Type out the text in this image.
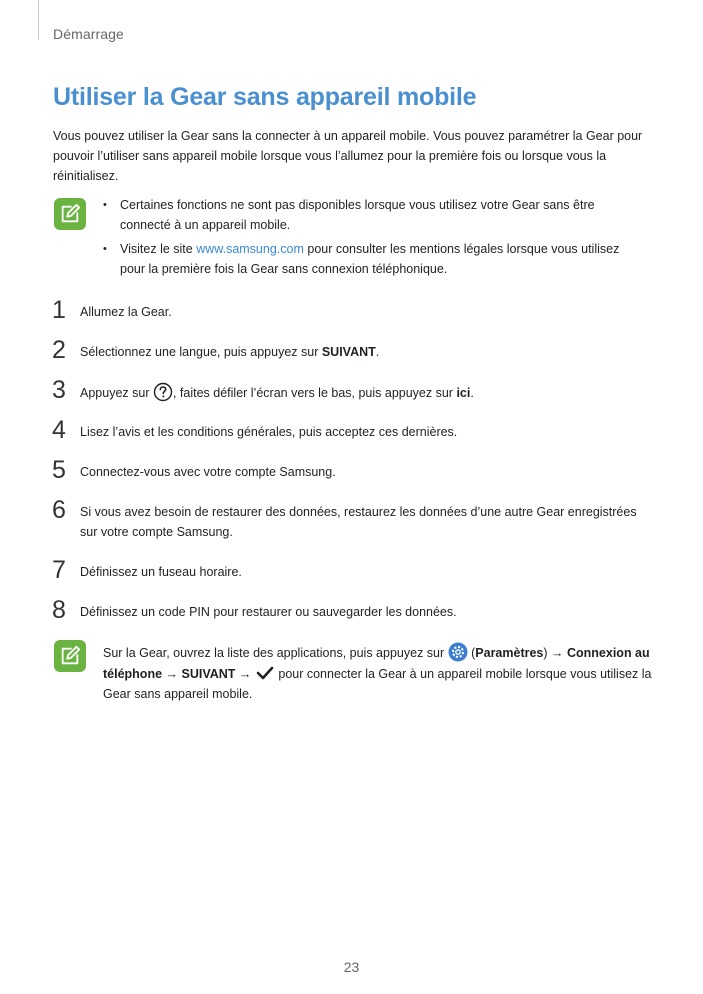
Démarrage
Utiliser la Gear sans appareil mobile

Vous pouvez utiliser la Gear sans la connecter à un appareil mobile. Vous pouvez paramétrer la Gear pour pouvoir l’utiliser sans appareil mobile lorsque vous l’allumez pour la première fois ou lorsque vous la réinitialisez.

• Certaines fonctions ne sont pas disponibles lorsque vous utilisez votre Gear sans être connecté à un appareil mobile.
• Visitez le site www.samsung.com pour consulter les mentions légales lorsque vous utilisez pour la première fois la Gear sans connexion téléphonique.
1 Allumez la Gear.
2 Sélectionnez une langue, puis appuyez sur SUIVANT.
3 Appuyez sur , faites défiler l’écran vers le bas, puis appuyez sur ici.
4 Lisez l’avis et les conditions générales, puis acceptez ces dernières.
5 Connectez-vous avec votre compte Samsung.
6 Si vous avez besoin de restaurer des données, restaurez les données d’une autre Gear enregistrées sur votre compte Samsung.
7 Définissez un fuseau horaire.
8 Définissez un code PIN pour restaurer ou sauvegarder les données.

Sur la Gear, ouvrez la liste des applications, puis appuyez sur  (Paramètres) → Connexion au téléphone → SUIVANT →  pour connecter la Gear à un appareil mobile lorsque vous utilisez la Gear sans appareil mobile.

23
